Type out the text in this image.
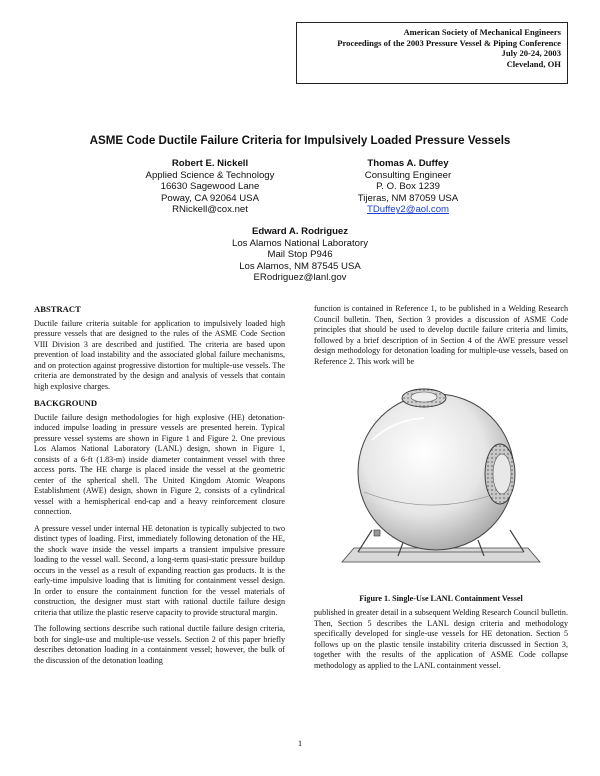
American Society of Mechanical Engineers
Proceedings of the 2003 Pressure Vessel & Piping Conference
July 20-24, 2003
Cleveland, OH
ASME Code Ductile Failure Criteria for Impulsively Loaded Pressure Vessels
Robert E. Nickell
Applied Science & Technology
16630 Sagewood Lane
Poway, CA 92064 USA
RNickell@cox.net
Thomas A. Duffey
Consulting Engineer
P. O. Box 1239
Tijeras, NM 87059 USA
TDuffey2@aol.com
Edward A. Rodriguez
Los Alamos National Laboratory
Mail Stop P946
Los Alamos, NM 87545 USA
ERodriguez@lanl.gov
ABSTRACT

Ductile failure criteria suitable for application to impulsively loaded high pressure vessels that are designed to the rules of the ASME Code Section VIII Division 3 are described and justified. The criteria are based upon prevention of load instability and the associated global failure mechanisms, and on protection against progressive distortion for multiple-use vessels. The criteria are demonstrated by the design and analysis of vessels that contain high explosive charges.

BACKGROUND

Ductile failure design methodologies for high explosive (HE) detonation-induced impulse loading in pressure vessels are presented herein. Typical pressure vessel systems are shown in Figure 1 and Figure 2. One previous Los Alamos National Laboratory (LANL) design, shown in Figure 1, consists of a 6-ft (1.83-m) inside diameter containment vessel with three access ports. The HE charge is placed inside the vessel at the geometric center of the spherical shell. The United Kingdom Atomic Weapons Establishment (AWE) design, shown in Figure 2, consists of a cylindrical vessel with a hemispherical end-cap and a heavy reinforcement closure connection.

A pressure vessel under internal HE detonation is typically subjected to two distinct types of loading. First, immediately following detonation of the HE, the shock wave inside the vessel imparts a transient impulsive pressure loading to the vessel wall. Second, a long-term quasi-static pressure buildup occurs in the vessel as a result of expanding reaction gas products. It is the early-time impulsive loading that is limiting for containment vessel design. In order to ensure the containment function for the vessel materials of construction, the designer must start with rational ductile failure design criteria that utilize the plastic reserve capacity to provide structural margin.

The following sections describe such rational ductile failure design criteria, both for single-use and multiple-use vessels. Section 2 of this paper briefly describes detonation loading in a containment vessel; however, the bulk of the discussion of the detonation loading

function is contained in Reference 1, to be published in a Welding Research Council bulletin. Then, Section 3 provides a discussion of ASME Code principles that should be used to develop ductile failure criteria and limits, followed by a brief description of in Section 4 of the AWE pressure vessel design methodology for detonation loading for multiple-use vessels, based on Reference 2. This work will be

Figure 1. Single-Use LANL Containment Vessel

published in greater detail in a subsequent Welding Research Council bulletin. Then, Section 5 describes the LANL design criteria and methodology specifically developed for single-use vessels for HE detonation. Section 5 follows up on the plastic tensile instability criteria discussed in Section 3, together with the results of the application of ASME Code collapse methodology as applied to the LANL containment vessel.

1
